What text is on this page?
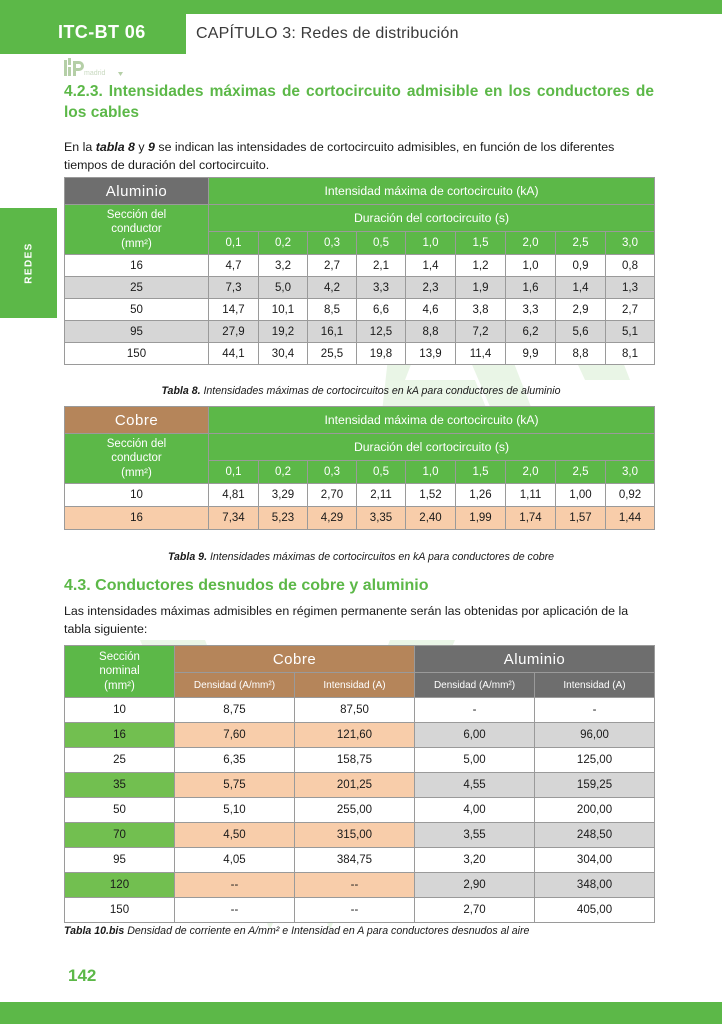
ITC-BT 06	CAPÍTULO 3: Redes de distribución
madrid
REDES
4.2.3. Intensidades máximas de cortocircuito admisible en los conductores de los cables

En la tabla 8 y 9 se indican las intensidades de cortocircuito admisibles, en función de los diferentes tiempos de duración del cortocircuito.

Aluminio	Intensidad máxima de cortocircuito (kA)								

Sección del
conductor
(mm²)	Duración del cortocircuito (s)								
	0,1	0,2	0,3	0,5	1,0	1,5	2,0	2,5	3,0
16	4,7	3,2	2,7	2,1	1,4	1,2	1,0	0,9	0,8
25	7,3	5,0	4,2	3,3	2,3	1,9	1,6	1,4	1,3
50	14,7	10,1	8,5	6,6	4,6	3,8	3,3	2,9	2,7
95	27,9	19,2	16,1	12,5	8,8	7,2	6,2	5,6	5,1
150	44,1	30,4	25,5	19,8	13,9	11,4	9,9	8,8	8,1
Tabla 8. Intensidades máximas de cortocircuitos en kA para conductores de aluminio
Cobre	Intensidad máxima de cortocircuito (kA)								

Sección del
conductor
(mm²)	Duración del cortocircuito (s)								
	0,1	0,2	0,3	0,5	1,0	1,5	2,0	2,5	3,0
10	4,81	3,29	2,70	2,11	1,52	1,26	1,11	1,00	0,92
16	7,34	5,23	4,29	3,35	2,40	1,99	1,74	1,57	1,44
Tabla 9. Intensidades máximas de cortocircuitos en kA para conductores de cobre
4.3. Conductores desnudos de cobre y aluminio

Las intensidades máximas admisibles en régimen permanente serán las obtenidas por aplicación de la tabla siguiente:

Sección
nominal
(mm²)	Cobre		Aluminio	
	Densidad (A/mm²)	Intensidad (A)	Densidad (A/mm²)	Intensidad (A)
10	8,75	87,50	-	-
16	7,60	121,60	6,00	96,00
25	6,35	158,75	5,00	125,00
35	5,75	201,25	4,55	159,25
50	5,10	255,00	4,00	200,00
70	4,50	315,00	3,55	248,50
95	4,05	384,75	3,20	304,00
120	--	--	2,90	348,00
150	--	--	2,70	405,00
Tabla 10.bis Densidad de corriente en A/mm² e Intensidad en A para conductores desnudos al aire
142
